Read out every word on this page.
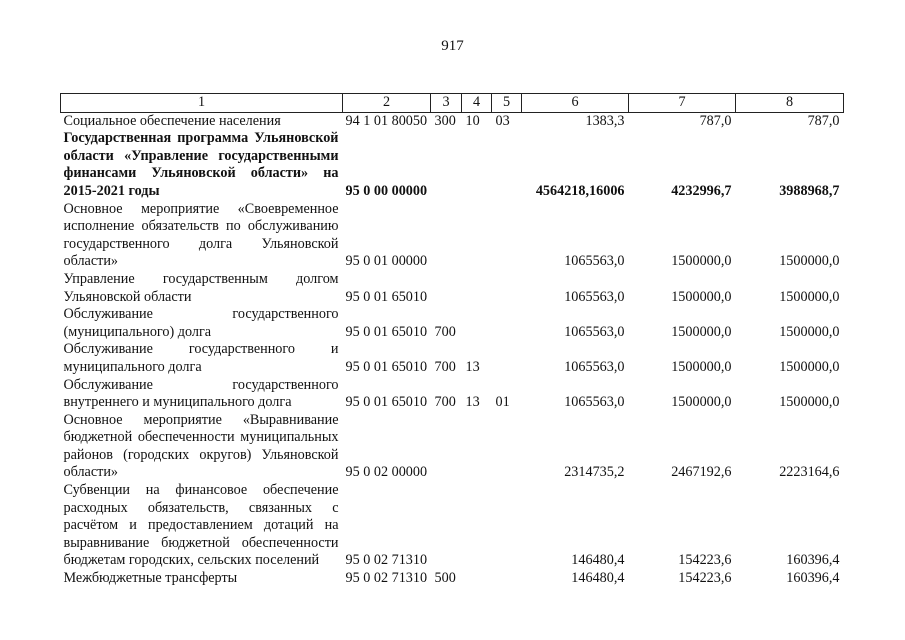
917
1	2	3	4	5	6	7	8
Социальное обеспечение населения	94 1 01 80050	300	10	03	1383,3	787,0	787,0
Государственная программа Ульяновской области «Управление государственными финансами Ульяновской области» на 2015-2021 годы	95 0 00 00000				4564218,16006	4232996,7	3988968,7
Основное мероприятие «Своевременное исполнение обязательств по обслуживанию государственного долга Ульяновской области»	95 0 01 00000				1065563,0	1500000,0	1500000,0
Управление государственным долгом Ульяновской области	95 0 01 65010				1065563,0	1500000,0	1500000,0
Обслуживание государственного (муниципального) долга	95 0 01 65010	700			1065563,0	1500000,0	1500000,0
Обслуживание государственного и муниципального долга	95 0 01 65010	700	13		1065563,0	1500000,0	1500000,0
Обслуживание государственного внутреннего и муниципального долга	95 0 01 65010	700	13	01	1065563,0	1500000,0	1500000,0
Основное мероприятие «Выравнивание бюджетной обеспеченности муниципальных районов (городских округов) Ульяновской области»	95 0 02 00000				2314735,2	2467192,6	2223164,6
Субвенции на финансовое обеспечение расходных обязательств, связанных с расчётом и предоставлением дотаций на выравнивание бюджетной обеспеченности бюджетам городских, сельских поселений	95 0 02 71310				146480,4	154223,6	160396,4
Межбюджетные трансферты	95 0 02 71310	500			146480,4	154223,6	160396,4
